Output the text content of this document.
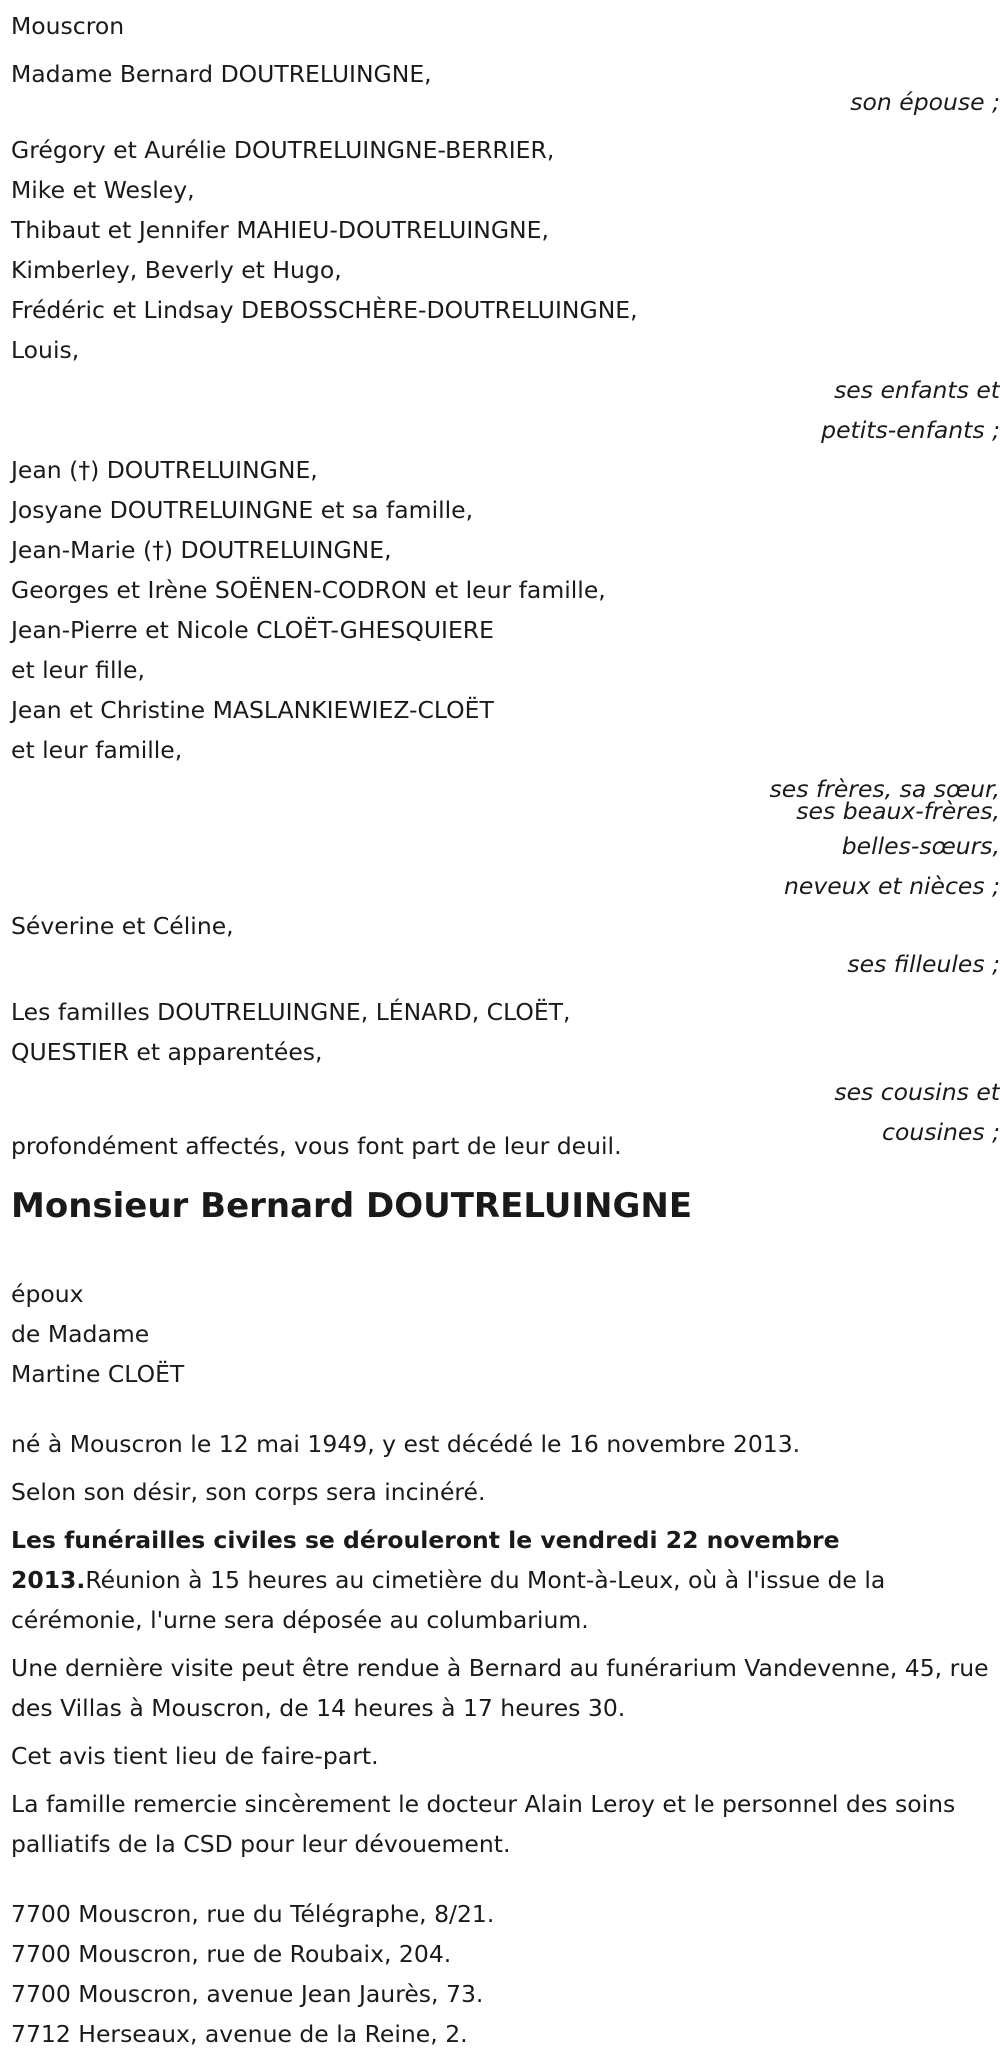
Mouscron
Madame Bernard DOUTRELUINGNE,
son épouse ;
Grégory et Aurélie DOUTRELUINGNE-BERRIER,
Mike et Wesley,
Thibaut et Jennifer MAHIEU-DOUTRELUINGNE,
Kimberley, Beverly et Hugo,
Frédéric et Lindsay DEBOSSCHÈRE-DOUTRELUINGNE,
Louis,
ses enfants et
petits-enfants ;
Jean (†) DOUTRELUINGNE,
Josyane DOUTRELUINGNE et sa famille,
Jean-Marie (†) DOUTRELUINGNE,
Georges et Irène SOËNEN-CODRON et leur famille,
Jean-Pierre et Nicole CLOËT-GHESQUIERE
et leur fille,
Jean et Christine MASLANKIEWIEZ-CLOËT
et leur famille,
ses frères, sa sœur,
ses beaux-frères,
belles-sœurs,
neveux et nièces ;
Séverine et Céline,
ses filleules ;
Les familles DOUTRELUINGNE, LÉNARD, CLOËT,
QUESTIER et apparentées,
ses cousins et
cousines ;
profondément affectés, vous font part de leur deuil.
Monsieur Bernard DOUTRELUINGNE
époux
de Madame
Martine CLOËT
né à Mouscron le 12 mai 1949, y est décédé le 16 novembre 2013.
Selon son désir, son corps sera incinéré.
Les funérailles civiles se dérouleront le vendredi 22 novembre 2013.Réunion à 15 heures au cimetière du Mont-à-Leux, où à l'issue de la cérémonie, l'urne sera déposée au columbarium.
Une dernière visite peut être rendue à Bernard au funérarium Vandevenne, 45, rue des Villas à Mouscron, de 14 heures à 17 heures 30.
Cet avis tient lieu de faire-part.
La famille remercie sincèrement le docteur Alain Leroy et le personnel des soins palliatifs de la CSD pour leur dévouement.
7700 Mouscron, rue du Télégraphe, 8/21.
7700 Mouscron, rue de Roubaix, 204.
7700 Mouscron, avenue Jean Jaurès, 73.
7712 Herseaux, avenue de la Reine, 2.
